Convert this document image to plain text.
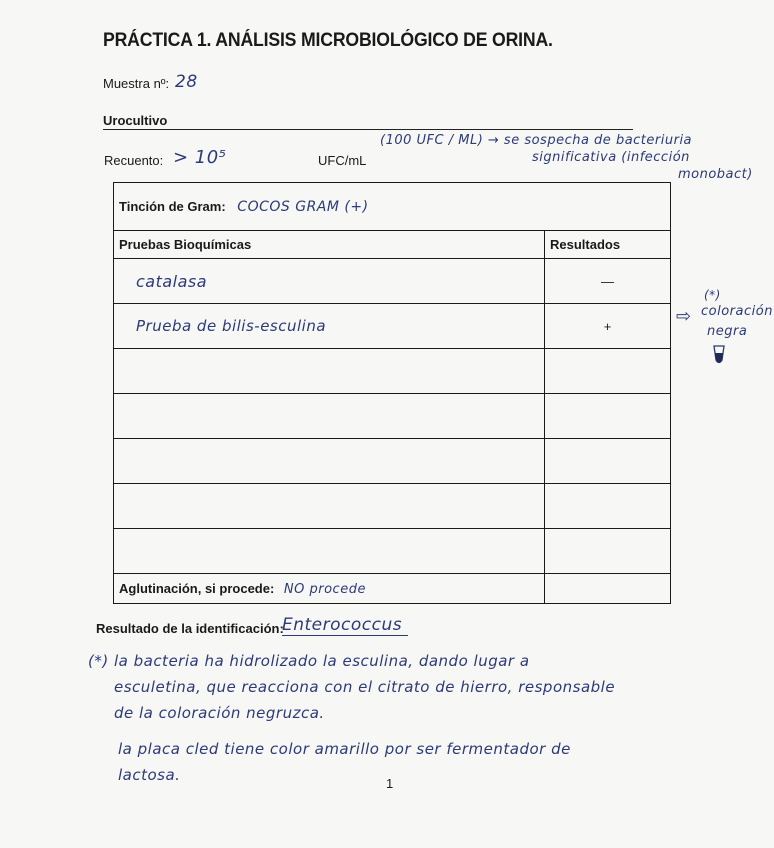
PRÁCTICA 1. ANÁLISIS MICROBIOLÓGICO DE ORINA.
Muestra nº: 28
Urocultivo
Recuento: > 10⁵	UFC/mL
(100 UFC / ML) → se sospecha de bacteriuria
significativa (infección
monobact)
Tinción de Gram: COCOS GRAM (+)	
Pruebas Bioquímicas	Resultados
catalasa	—
Prueba de bilis-esculina	+

Aglutinación, si procede: NO procede	
(*)
⇨ coloración
negra
Resultado de la identificación:
Enterococcus
(*) la bacteria ha hidrolizado la esculina, dando lugar a
esculetina, que reacciona con el citrato de hierro, responsable
de la coloración negruzca.
la placa cled tiene color amarillo por ser fermentador de
lactosa.	1
